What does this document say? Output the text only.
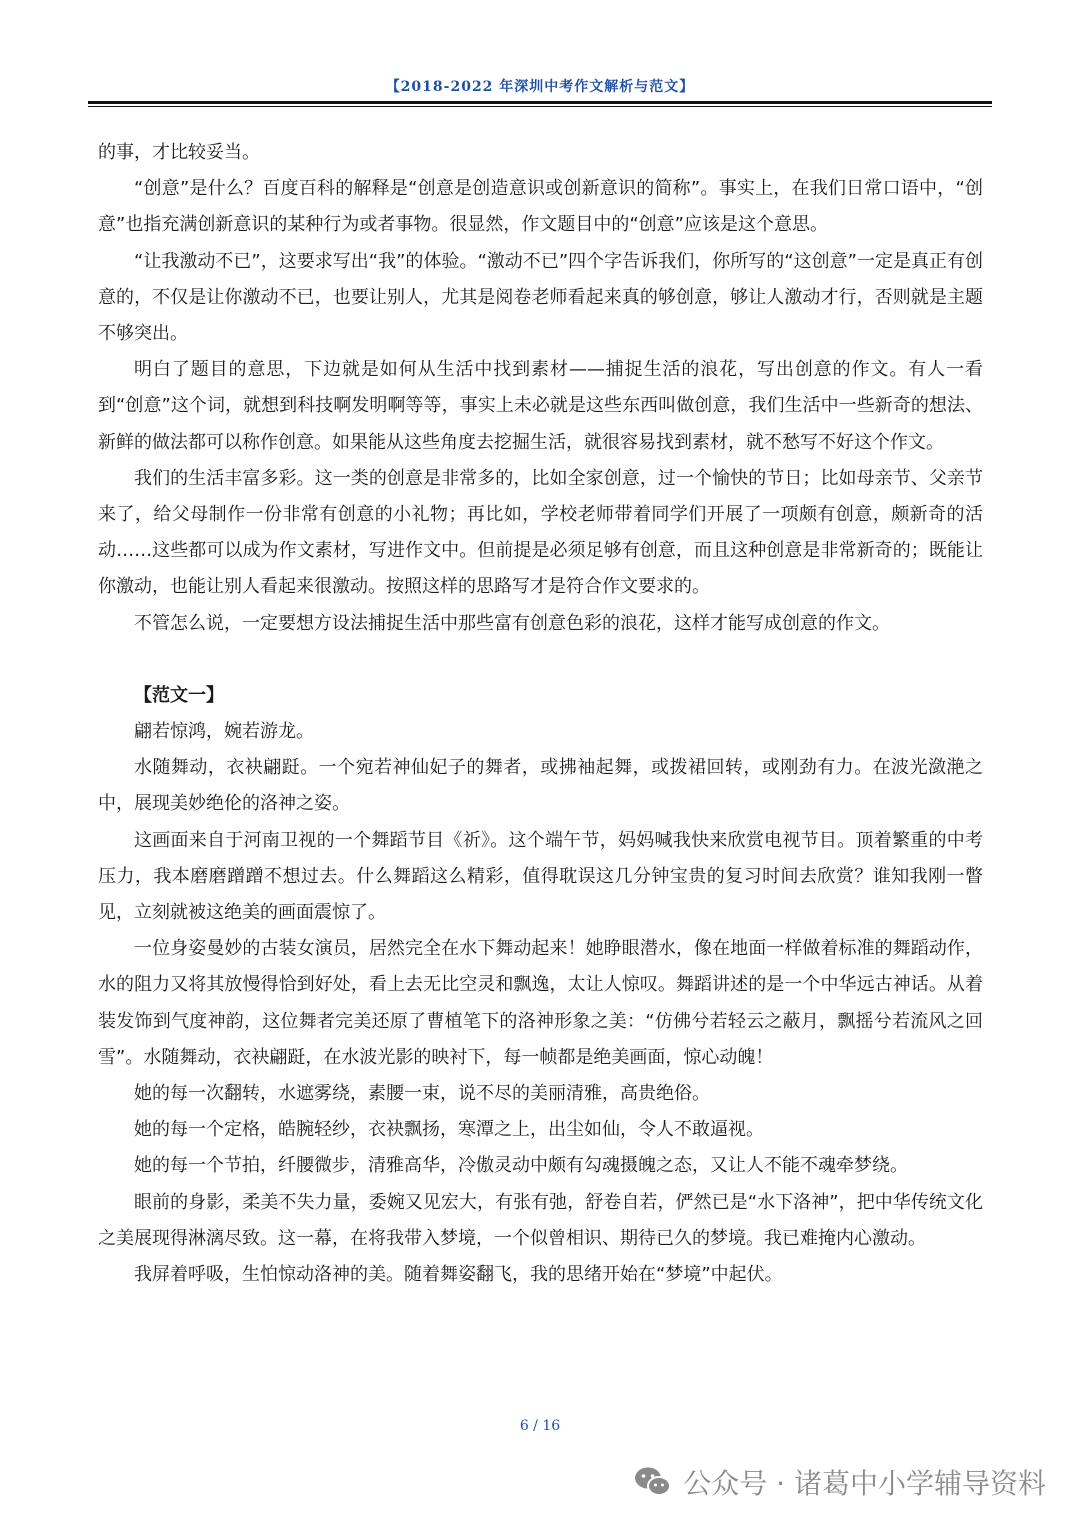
【2018-2022 年深圳中考作文解析与范文】

的事，才比较妥当。

“创意”是什么？百度百科的解释是“创意是创造意识或创新意识的简称”。事实上，在我们日常口语中，“创意”也指充满创新意识的某种行为或者事物。很显然，作文题目中的“创意”应该是这个意思。

“让我激动不已”，这要求写出“我”的体验。“激动不已”四个字告诉我们，你所写的“这创意”一定是真正有创意的，不仅是让你激动不已，也要让别人，尤其是阅卷老师看起来真的够创意，够让人激动才行，否则就是主题不够突出。

明白了题目的意思，下边就是如何从生活中找到素材——捕捉生活的浪花，写出创意的作文。有人一看到“创意”这个词，就想到科技啊发明啊等等，事实上未必就是这些东西叫做创意，我们生活中一些新奇的想法、新鲜的做法都可以称作创意。如果能从这些角度去挖掘生活，就很容易找到素材，就不愁写不好这个作文。

我们的生活丰富多彩。这一类的创意是非常多的，比如全家创意，过一个愉快的节日；比如母亲节、父亲节来了，给父母制作一份非常有创意的小礼物；再比如，学校老师带着同学们开展了一项颇有创意，颇新奇的活动……这些都可以成为作文素材，写进作文中。但前提是必须足够有创意，而且这种创意是非常新奇的；既能让你激动，也能让别人看起来很激动。按照这样的思路写才是符合作文要求的。

不管怎么说，一定要想方设法捕捉生活中那些富有创意色彩的浪花，这样才能写成创意的作文。

【范文一】

翩若惊鸿，婉若游龙。

水随舞动，衣袂翩跹。一个宛若神仙妃子的舞者，或拂袖起舞，或拨裙回转，或刚劲有力。在波光潋滟之中，展现美妙绝伦的洛神之姿。

这画面来自于河南卫视的一个舞蹈节目《祈》。这个端午节，妈妈喊我快来欣赏电视节目。顶着繁重的中考压力，我本磨磨蹭蹭不想过去。什么舞蹈这么精彩，值得耽误这几分钟宝贵的复习时间去欣赏？谁知我刚一瞥见，立刻就被这绝美的画面震惊了。

一位身姿曼妙的古装女演员，居然完全在水下舞动起来！她睁眼潜水，像在地面一样做着标准的舞蹈动作，水的阻力又将其放慢得恰到好处，看上去无比空灵和飘逸，太让人惊叹。舞蹈讲述的是一个中华远古神话。从着装发饰到气度神韵，这位舞者完美还原了曹植笔下的洛神形象之美：“仿佛兮若轻云之蔽月，飘摇兮若流风之回雪”。水随舞动，衣袂翩跹，在水波光影的映衬下，每一帧都是绝美画面，惊心动魄！

她的每一次翻转，水遮雾绕，素腰一束，说不尽的美丽清雅，高贵绝俗。

她的每一个定格，皓腕轻纱，衣袂飘扬，寒潭之上，出尘如仙，令人不敢逼视。

她的每一个节拍，纤腰微步，清雅高华，冷傲灵动中颇有勾魂摄魄之态，又让人不能不魂牵梦绕。

眼前的身影，柔美不失力量，委婉又见宏大，有张有弛，舒卷自若，俨然已是“水下洛神”，把中华传统文化之美展现得淋漓尽致。这一幕，在将我带入梦境，一个似曾相识、期待已久的梦境。我已难掩内心激动。

我屏着呼吸，生怕惊动洛神的美。随着舞姿翻飞，我的思绪开始在“梦境”中起伏。

6 / 16
公众号 · 诸葛中小学辅导资料
